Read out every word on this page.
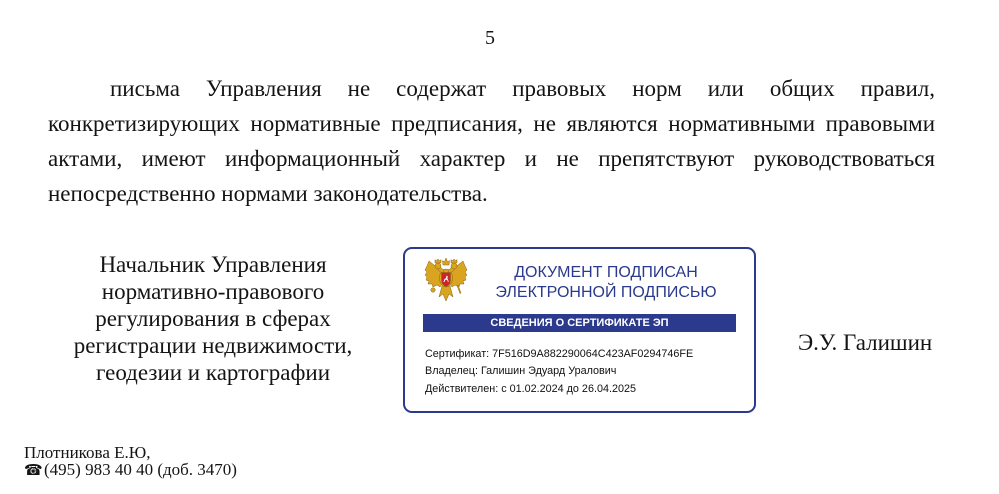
5
письма Управления не содержат правовых норм или общих правил,
конкретизирующих нормативные предписания, не являются нормативными правовыми
актами, имеют информационный характер и не препятствуют руководствоваться
непосредственно нормами законодательства.
Начальник Управления
нормативно-правового
регулирования в сферах
регистрации недвижимости,
геодезии и картографии
ДОКУМЕНТ ПОДПИСАН
ЭЛЕКТРОННОЙ ПОДПИСЬЮ
СВЕДЕНИЯ О СЕРТИФИКАТЕ ЭП
Сертификат: 7F516D9A882290064C423AF0294746FE
Владелец: Галишин Эдуард Уралович
Действителен: с 01.02.2024 до 26.04.2025
Э.У. Галишин
Плотникова Е.Ю,
☎(495) 983 40 40 (доб. 3470)
